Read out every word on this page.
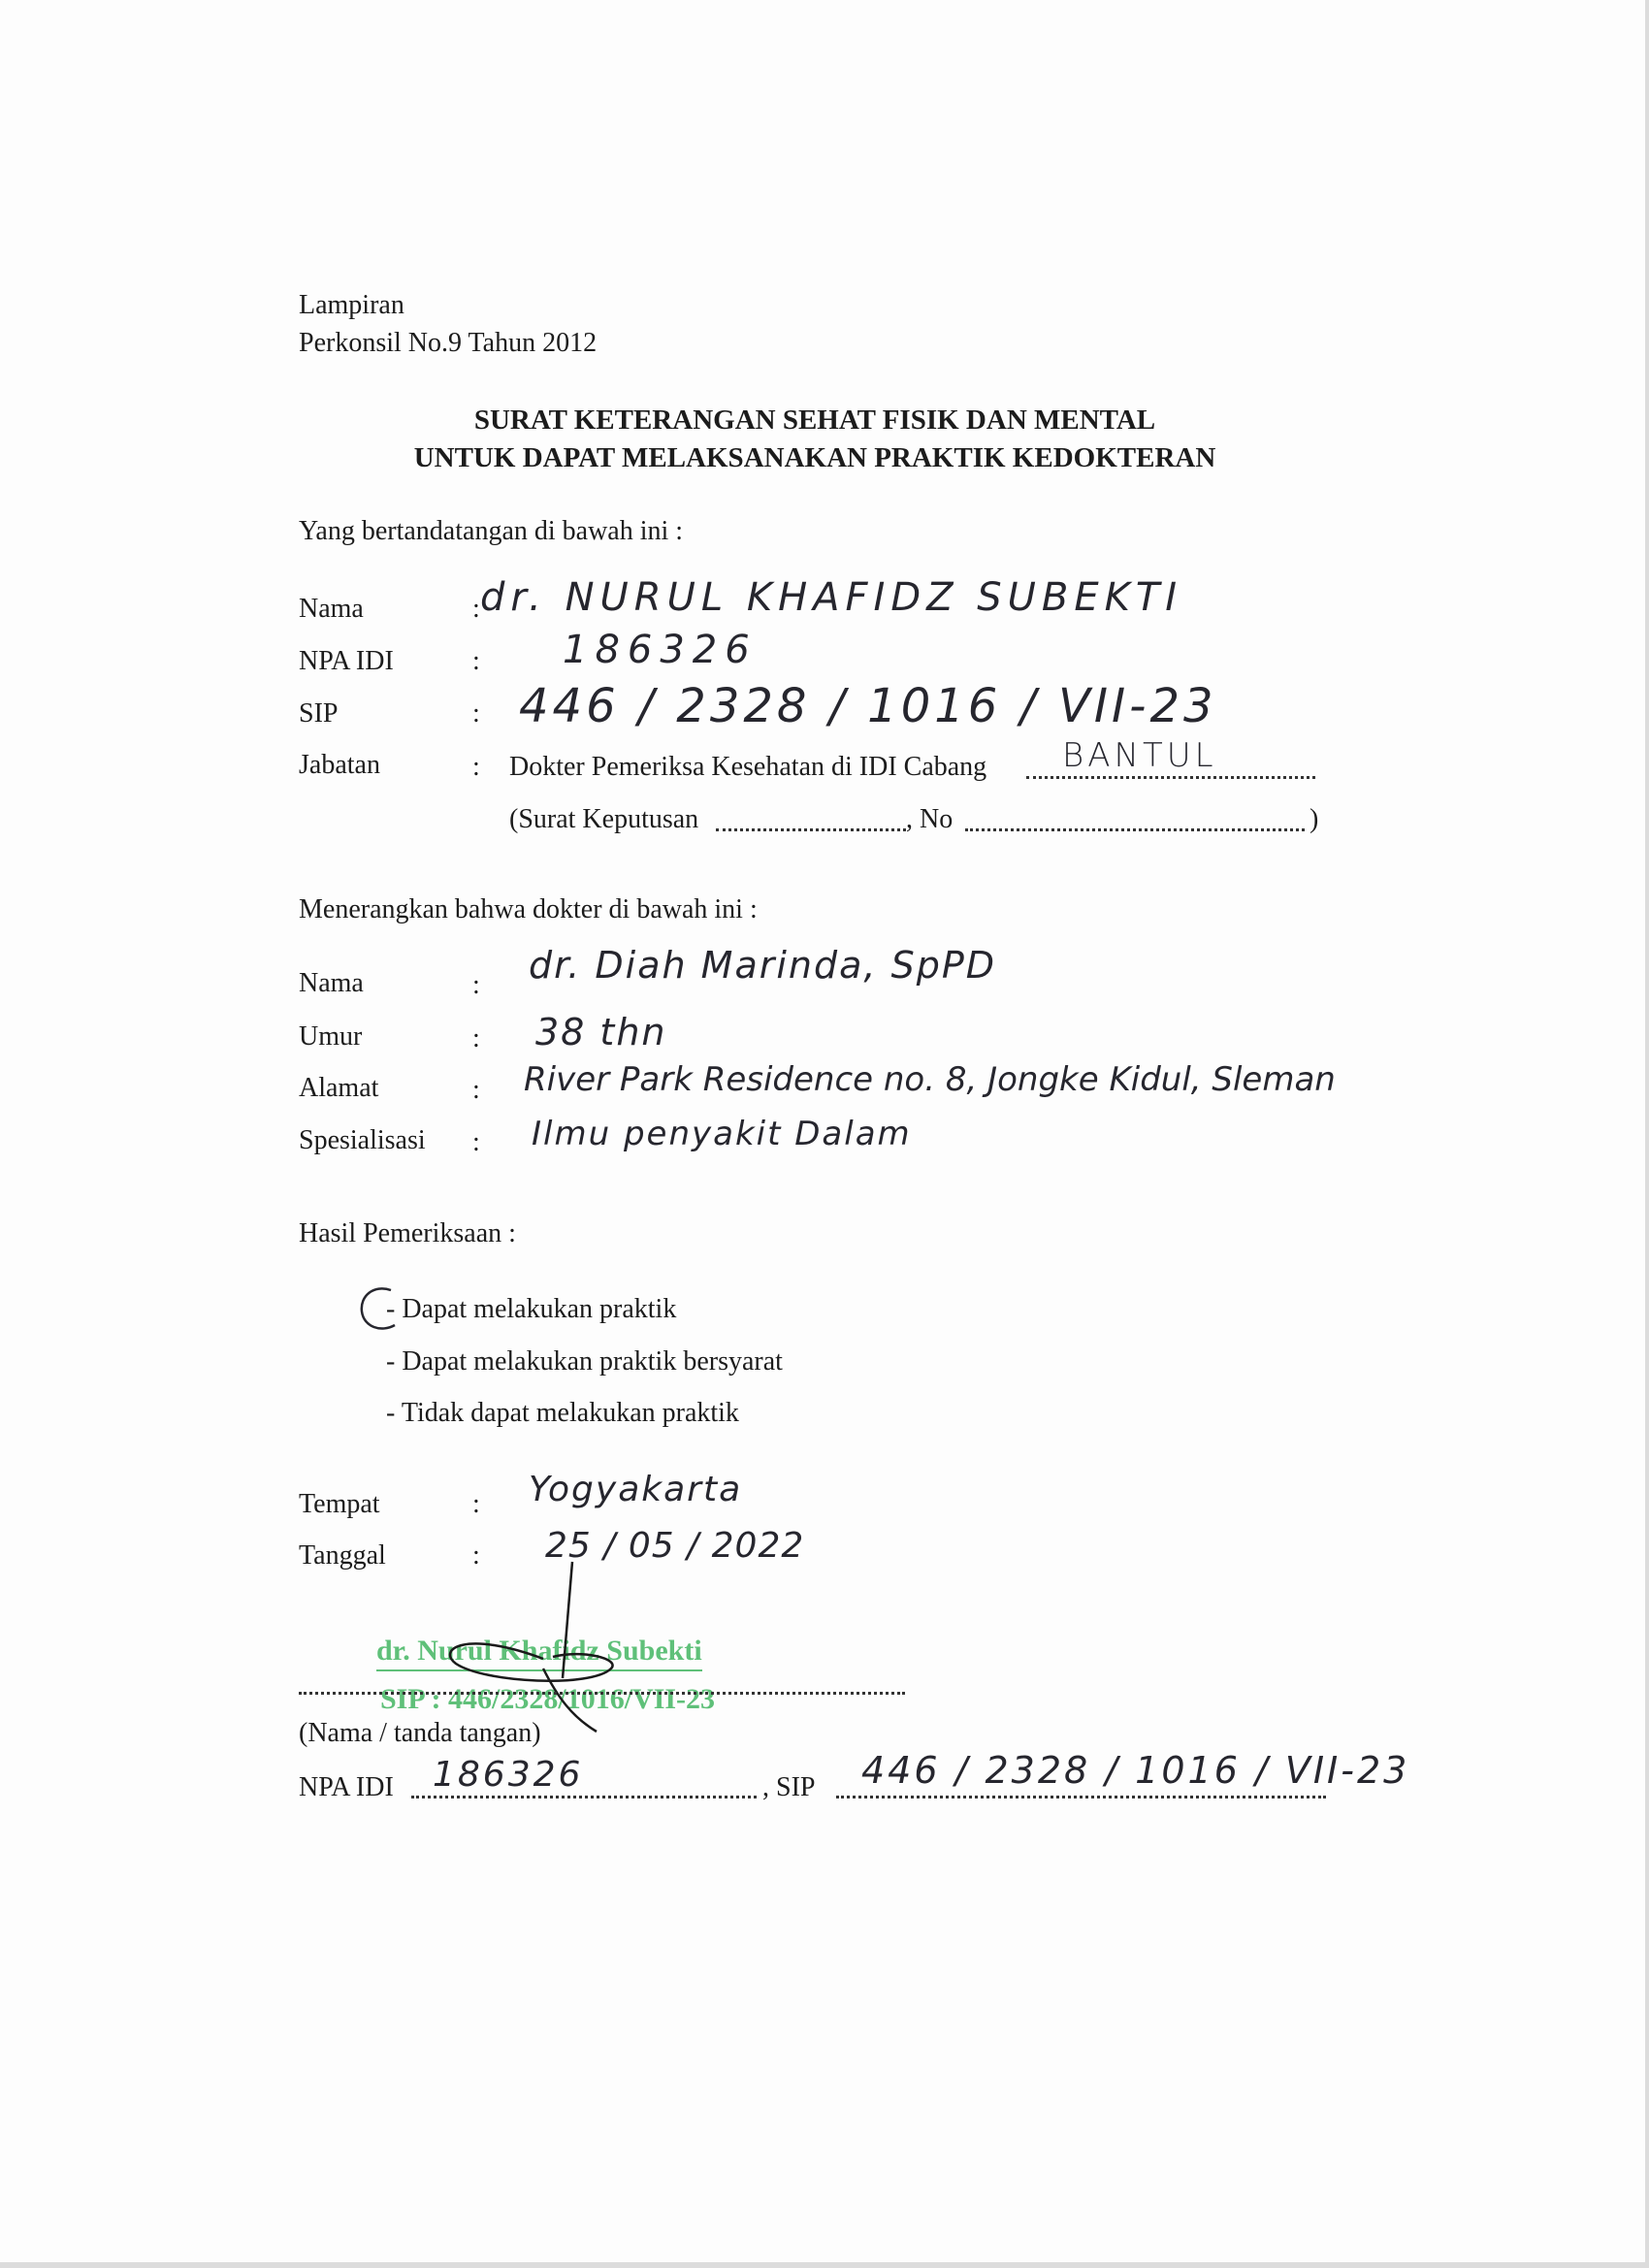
Lampiran
Perkonsil No.9 Tahun 2012
SURAT KETERANGAN SEHAT FISIK DAN MENTAL
UNTUK DAPAT MELAKSANAKAN PRAKTIK KEDOKTERAN
Yang bertandatangan di bawah ini :
Nama	: dr. NURUL KHAFIDZ SUBEKTI
NPA IDI	: 186326
SIP	: 446 / 2328 / 1016 / VII-23
Jabatan	: Dokter Pemeriksa Kesehatan di IDI Cabang BANTUL
(Surat Keputusan	, No	)
Menerangkan bahwa dokter di bawah ini :
Nama	: dr. Diah Marinda, SpPD
Umur	: 38 thn
Alamat	: River Park Residence no. 8, Jongke Kidul, Sleman
Spesialisasi : Ilmu penyakit Dalam
Hasil Pemeriksaan :
- Dapat melakukan praktik
- Dapat melakukan praktik bersyarat
- Tidak dapat melakukan praktik
Tempat	: Yogyakarta
Tanggal	: 25 / 05 / 2022
dr. Nurul Khafidz Subekti
SIP : 446/2328/1016/VII-23
(Nama / tanda tangan)
NPA IDI 186326	, SIP 446 / 2328 / 1016 / VII-23
